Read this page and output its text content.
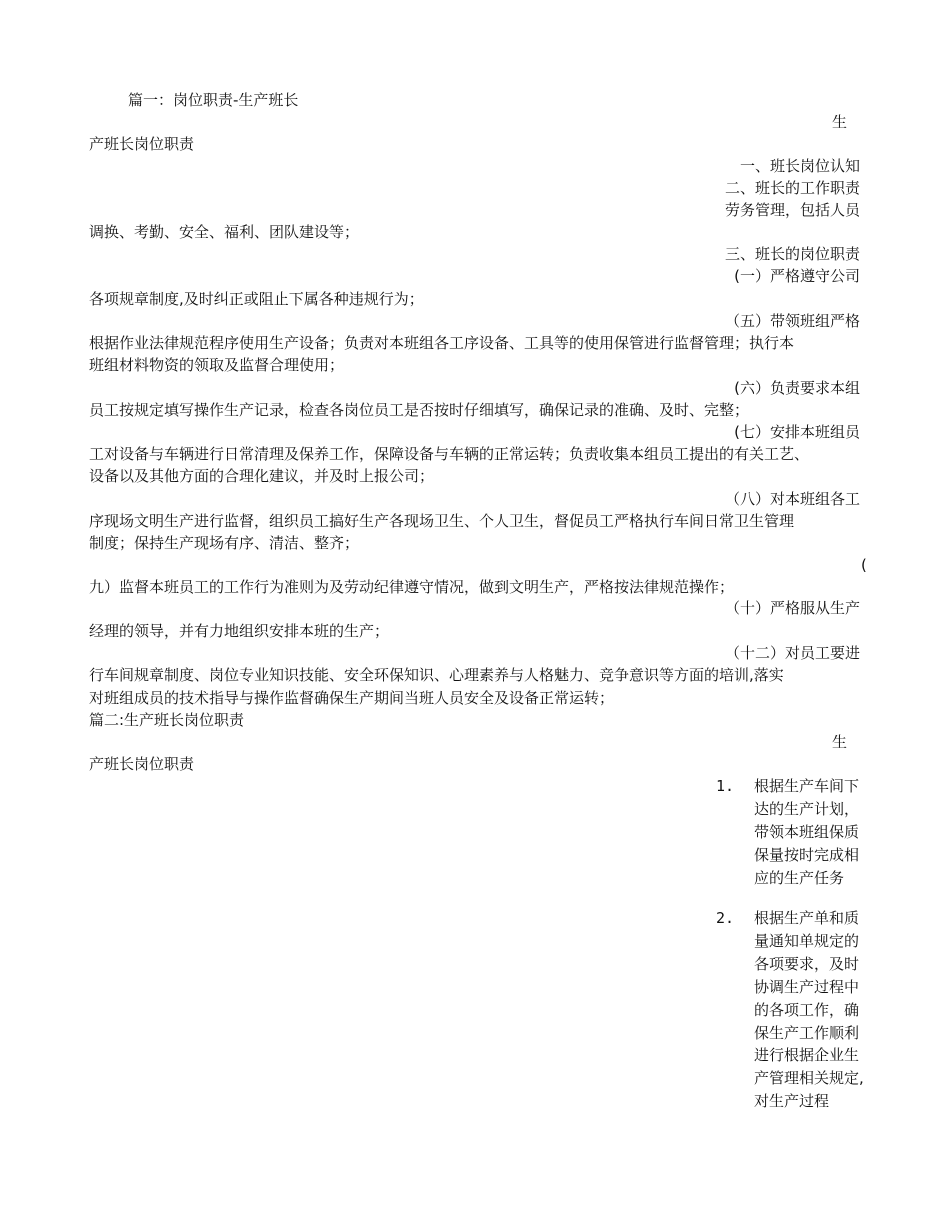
篇一：岗位职责-生产班长
生
产班长岗位职责
一、班长岗位认知
二、班长的工作职责
劳务管理，包括人员
调换、考勤、安全、福利、团队建设等；
三、班长的岗位职责
(一）严格遵守公司
各项规章制度,及时纠正或阻止下属各种违规行为；
（五）带领班组严格
根据作业法律规范程序使用生产设备；负责对本班组各工序设备、工具等的使用保管进行监督管理；执行本
班组材料物资的领取及监督合理使用；
(六）负责要求本组
员工按规定填写操作生产记录，检查各岗位员工是否按时仔细填写，确保记录的准确、及时、完整；
(七）安排本班组员
工对设备与车辆进行日常清理及保养工作，保障设备与车辆的正常运转；负责收集本组员工提出的有关工艺、
设备以及其他方面的合理化建议，并及时上报公司；
（八）对本班组各工
序现场文明生产进行监督，组织员工搞好生产各现场卫生、个人卫生，督促员工严格执行车间日常卫生管理
制度；保持生产现场有序、清洁、整齐；
(
九）监督本班员工的工作行为准则为及劳动纪律遵守情况，做到文明生产，严格按法律规范操作；
（十）严格服从生产
经理的领导，并有力地组织安排本班的生产；
（十二）对员工要进
行车间规章制度、岗位专业知识技能、安全环保知识、心理素养与人格魅力、竞争意识等方面的培训,落实
对班组成员的技术指导与操作监督确保生产期间当班人员安全及设备正常运转；
篇二:生产班长岗位职责
生
产班长岗位职责
1. 根据生产车间下达的生产计划，带领本班组保质保量按时完成相应的生产任务
2. 根据生产单和质量通知单规定的各项要求，及时协调生产过程中的各项工作，确保生产工作顺利进行根据企业生产管理相关规定,对生产过程
